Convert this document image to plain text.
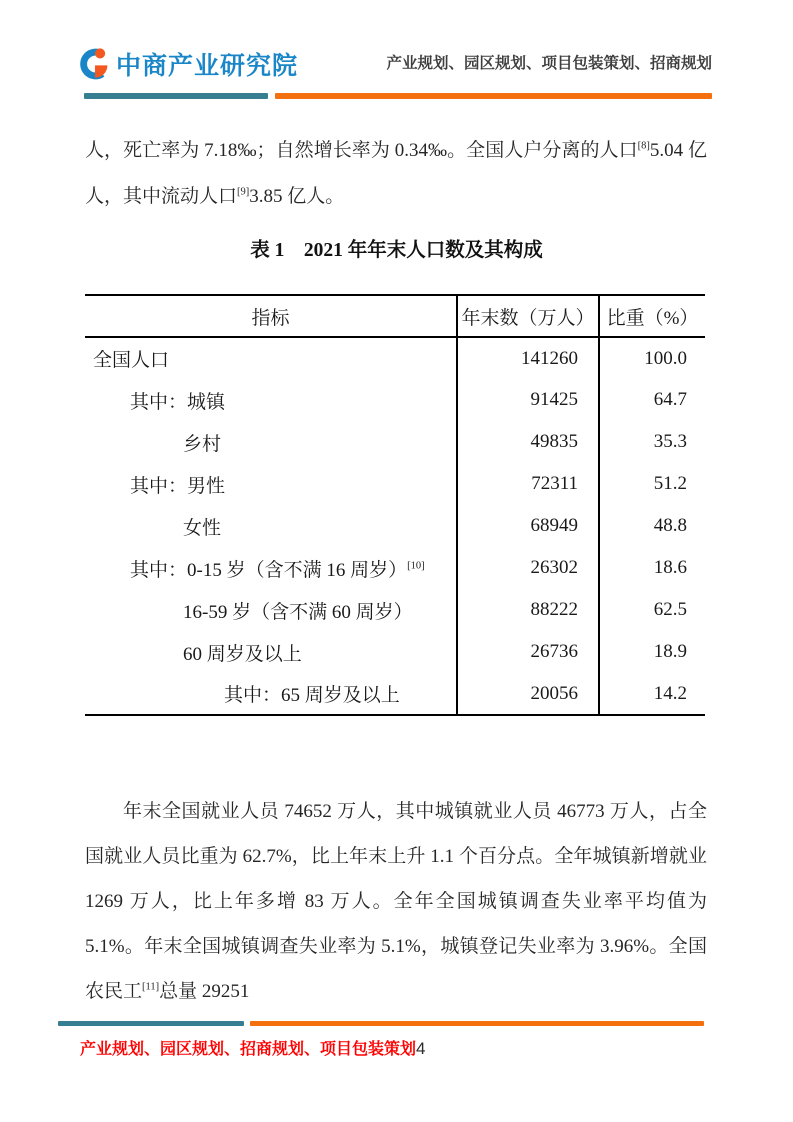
中商产业研究院	产业规划、园区规划、项目包装策划、招商规划

人，死亡率为 7.18‰；自然增长率为 0.34‰。全国人户分离的人口[8]5.04 亿人，其中流动人口[9]3.85 亿人。

表 1　2021 年年末人口数及其构成
指标	年末数（万人）	比重（%）
全国人口	141260	100.0
其中：城镇	91425	64.7
乡村	49835	35.3
其中：男性	72311	51.2
女性	68949	48.8
其中：0-15 岁（含不满 16 周岁）[10]	26302	18.6
16-59 岁（含不满 60 周岁）	88222	62.5
60 周岁及以上	26736	18.9
其中：65 周岁及以上	20056	14.2

年末全国就业人员 74652 万人，其中城镇就业人员 46773 万人，占全国就业人员比重为 62.7%，比上年末上升 1.1 个百分点。全年城镇新增就业 1269 万人，比上年多增 83 万人。全年全国城镇调查失业率平均值为 5.1%。年末全国城镇调查失业率为 5.1%，城镇登记失业率为 3.96%。全国农民工[11]总量 29251

产业规划、园区规划、招商规划、项目包装策划4
